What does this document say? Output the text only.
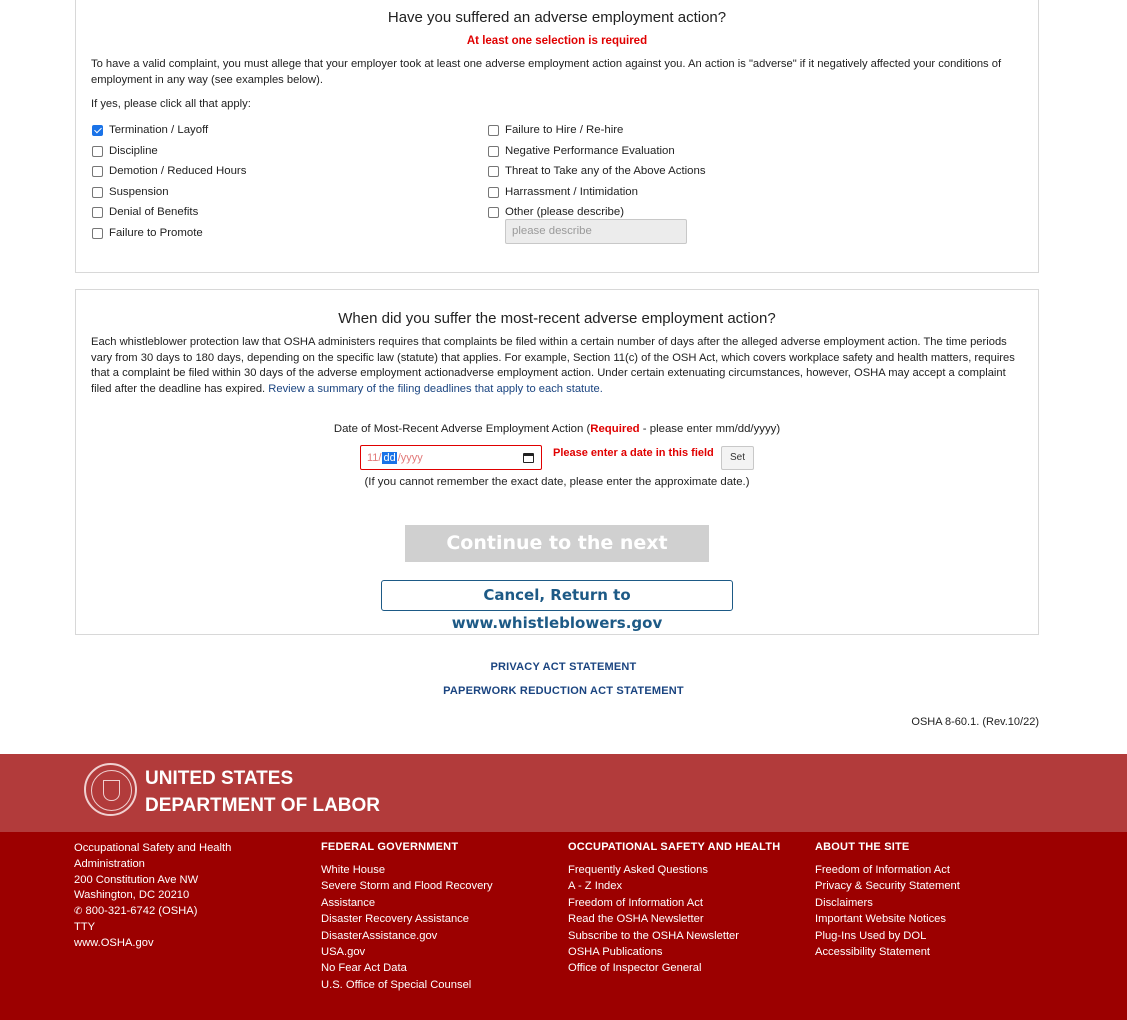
Have you suffered an adverse employment action?
At least one selection is required
To have a valid complaint, you must allege that your employer took at least one adverse employment action against you. An action is "adverse" if it negatively affected your conditions of employment in any way (see examples below).
If yes, please click all that apply:
Termination / Layoff
Discipline
Demotion / Reduced Hours
Suspension
Denial of Benefits
Failure to Promote
Failure to Hire / Re-hire
Negative Performance Evaluation
Threat to Take any of the Above Actions
Harrassment / Intimidation
Other (please describe)
please describe
When did you suffer the most-recent adverse employment action?
Each whistleblower protection law that OSHA administers requires that complaints be filed within a certain number of days after the alleged adverse employment action. The time periods vary from 30 days to 180 days, depending on the specific law (statute) that applies. For example, Section 11(c) of the OSH Act, which covers workplace safety and health matters, requires that a complaint be filed within 30 days of the adverse employment actionadverse employment action. Under certain extenuating circumstances, however, OSHA may accept a complaint filed after the deadline has expired. Review a summary of the filing deadlines that apply to each statute.
Date of Most-Recent Adverse Employment Action (Required - please enter mm/dd/yyyy)
11 / dd / yyyy	Please enter a date in this field	Set
(If you cannot remember the exact date, please enter the approximate date.)
Continue to the next
Cancel, Return to www.whistleblowers.gov
PRIVACY ACT STATEMENT
PAPERWORK REDUCTION ACT STATEMENT
OSHA 8-60.1. (Rev.10/22)
UNITED STATES
DEPARTMENT OF LABOR
Occupational Safety and Health
Administration
200 Constitution Ave NW
Washington, DC 20210
✆ 800-321-6742 (OSHA)
TTY
www.OSHA.gov
FEDERAL GOVERNMENT
White House
Severe Storm and Flood Recovery
Assistance
Disaster Recovery Assistance
DisasterAssistance.gov
USA.gov
No Fear Act Data
U.S. Office of Special Counsel
OCCUPATIONAL SAFETY AND HEALTH
Frequently Asked Questions
A - Z Index
Freedom of Information Act
Read the OSHA Newsletter
Subscribe to the OSHA Newsletter
OSHA Publications
Office of Inspector General
ABOUT THE SITE
Freedom of Information Act
Privacy & Security Statement
Disclaimers
Important Website Notices
Plug-Ins Used by DOL
Accessibility Statement
